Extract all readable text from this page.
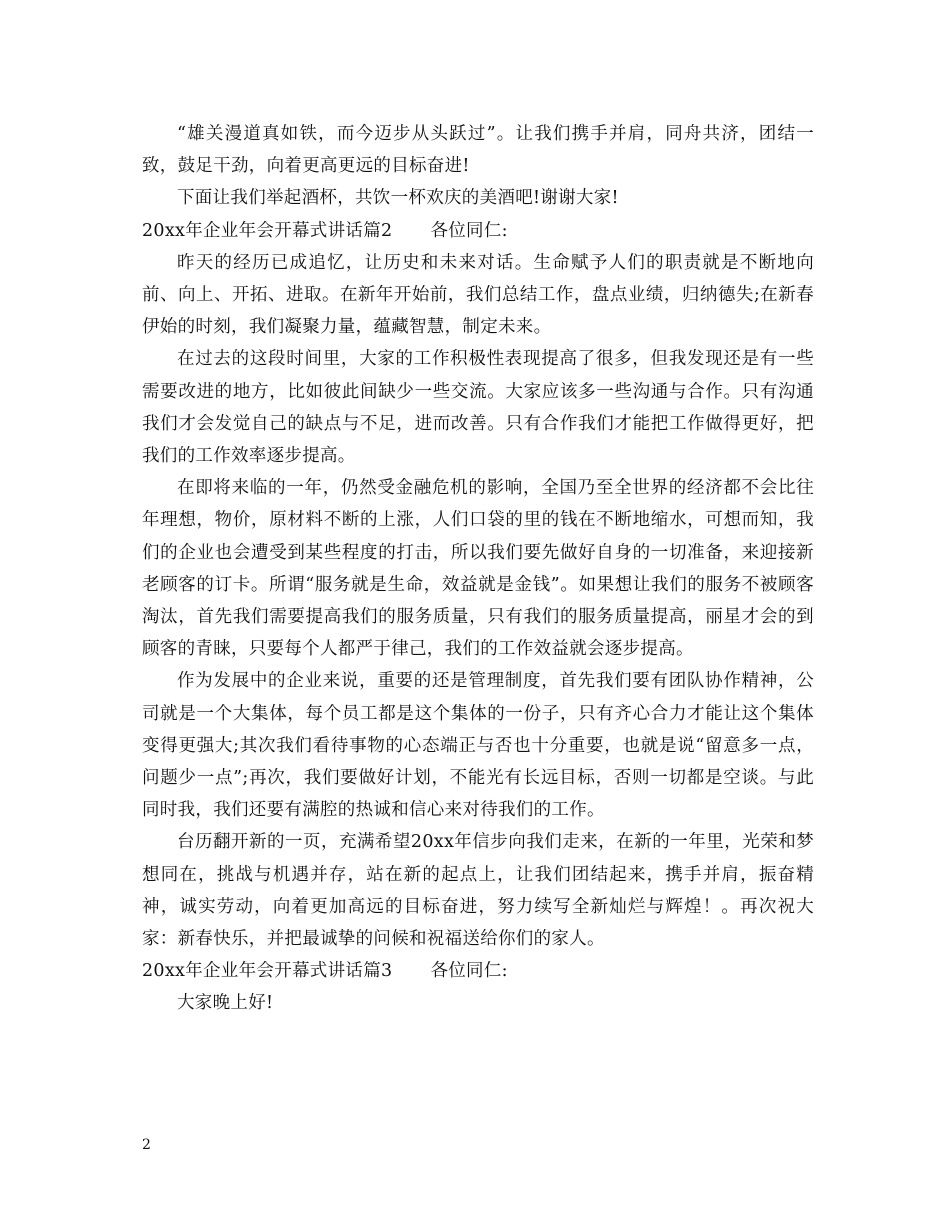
“雄关漫道真如铁，而今迈步从头跃过”。让我们携手并肩，同舟共济，团结一致，鼓足干劲，向着更高更远的目标奋进!

下面让我们举起酒杯，共饮一杯欢庆的美酒吧!谢谢大家!

20xx年企业年会开幕式讲话篇2 各位同仁:

昨天的经历已成追忆，让历史和未来对话。生命赋予人们的职责就是不断地向前、向上、开拓、进取。在新年开始前，我们总结工作，盘点业绩，归纳德失;在新春伊始的时刻，我们凝聚力量，蕴藏智慧，制定未来。

在过去的这段时间里，大家的工作积极性表现提高了很多，但我发现还是有一些需要改进的地方，比如彼此间缺少一些交流。大家应该多一些沟通与合作。只有沟通我们才会发觉自己的缺点与不足，进而改善。只有合作我们才能把工作做得更好，把我们的工作效率逐步提高。

在即将来临的一年，仍然受金融危机的影响，全国乃至全世界的经济都不会比往年理想，物价，原材料不断的上涨，人们口袋的里的钱在不断地缩水，可想而知，我们的企业也会遭受到某些程度的打击，所以我们要先做好自身的一切准备，来迎接新老顾客的订卡。所谓“服务就是生命，效益就是金钱”。如果想让我们的服务不被顾客淘汰，首先我们需要提高我们的服务质量，只有我们的服务质量提高，丽星才会的到顾客的青睐，只要每个人都严于律己，我们的工作效益就会逐步提高。

作为发展中的企业来说，重要的还是管理制度，首先我们要有团队协作精神，公司就是一个大集体，每个员工都是这个集体的一份子，只有齐心合力才能让这个集体变得更强大;其次我们看待事物的心态端正与否也十分重要，也就是说“留意多一点，问题少一点”;再次，我们要做好计划，不能光有长远目标，否则一切都是空谈。与此同时我，我们还要有满腔的热诚和信心来对待我们的工作。

台历翻开新的一页，充满希望20xx年信步向我们走来，在新的一年里，光荣和梦想同在，挑战与机遇并存，站在新的起点上，让我们团结起来，携手并肩，振奋精神，诚实劳动，向着更加高远的目标奋进，努力续写全新灿烂与辉煌！。再次祝大家：新春快乐，并把最诚挚的问候和祝福送给你们的家人。

20xx年企业年会开幕式讲话篇3 各位同仁:

大家晚上好!

2
